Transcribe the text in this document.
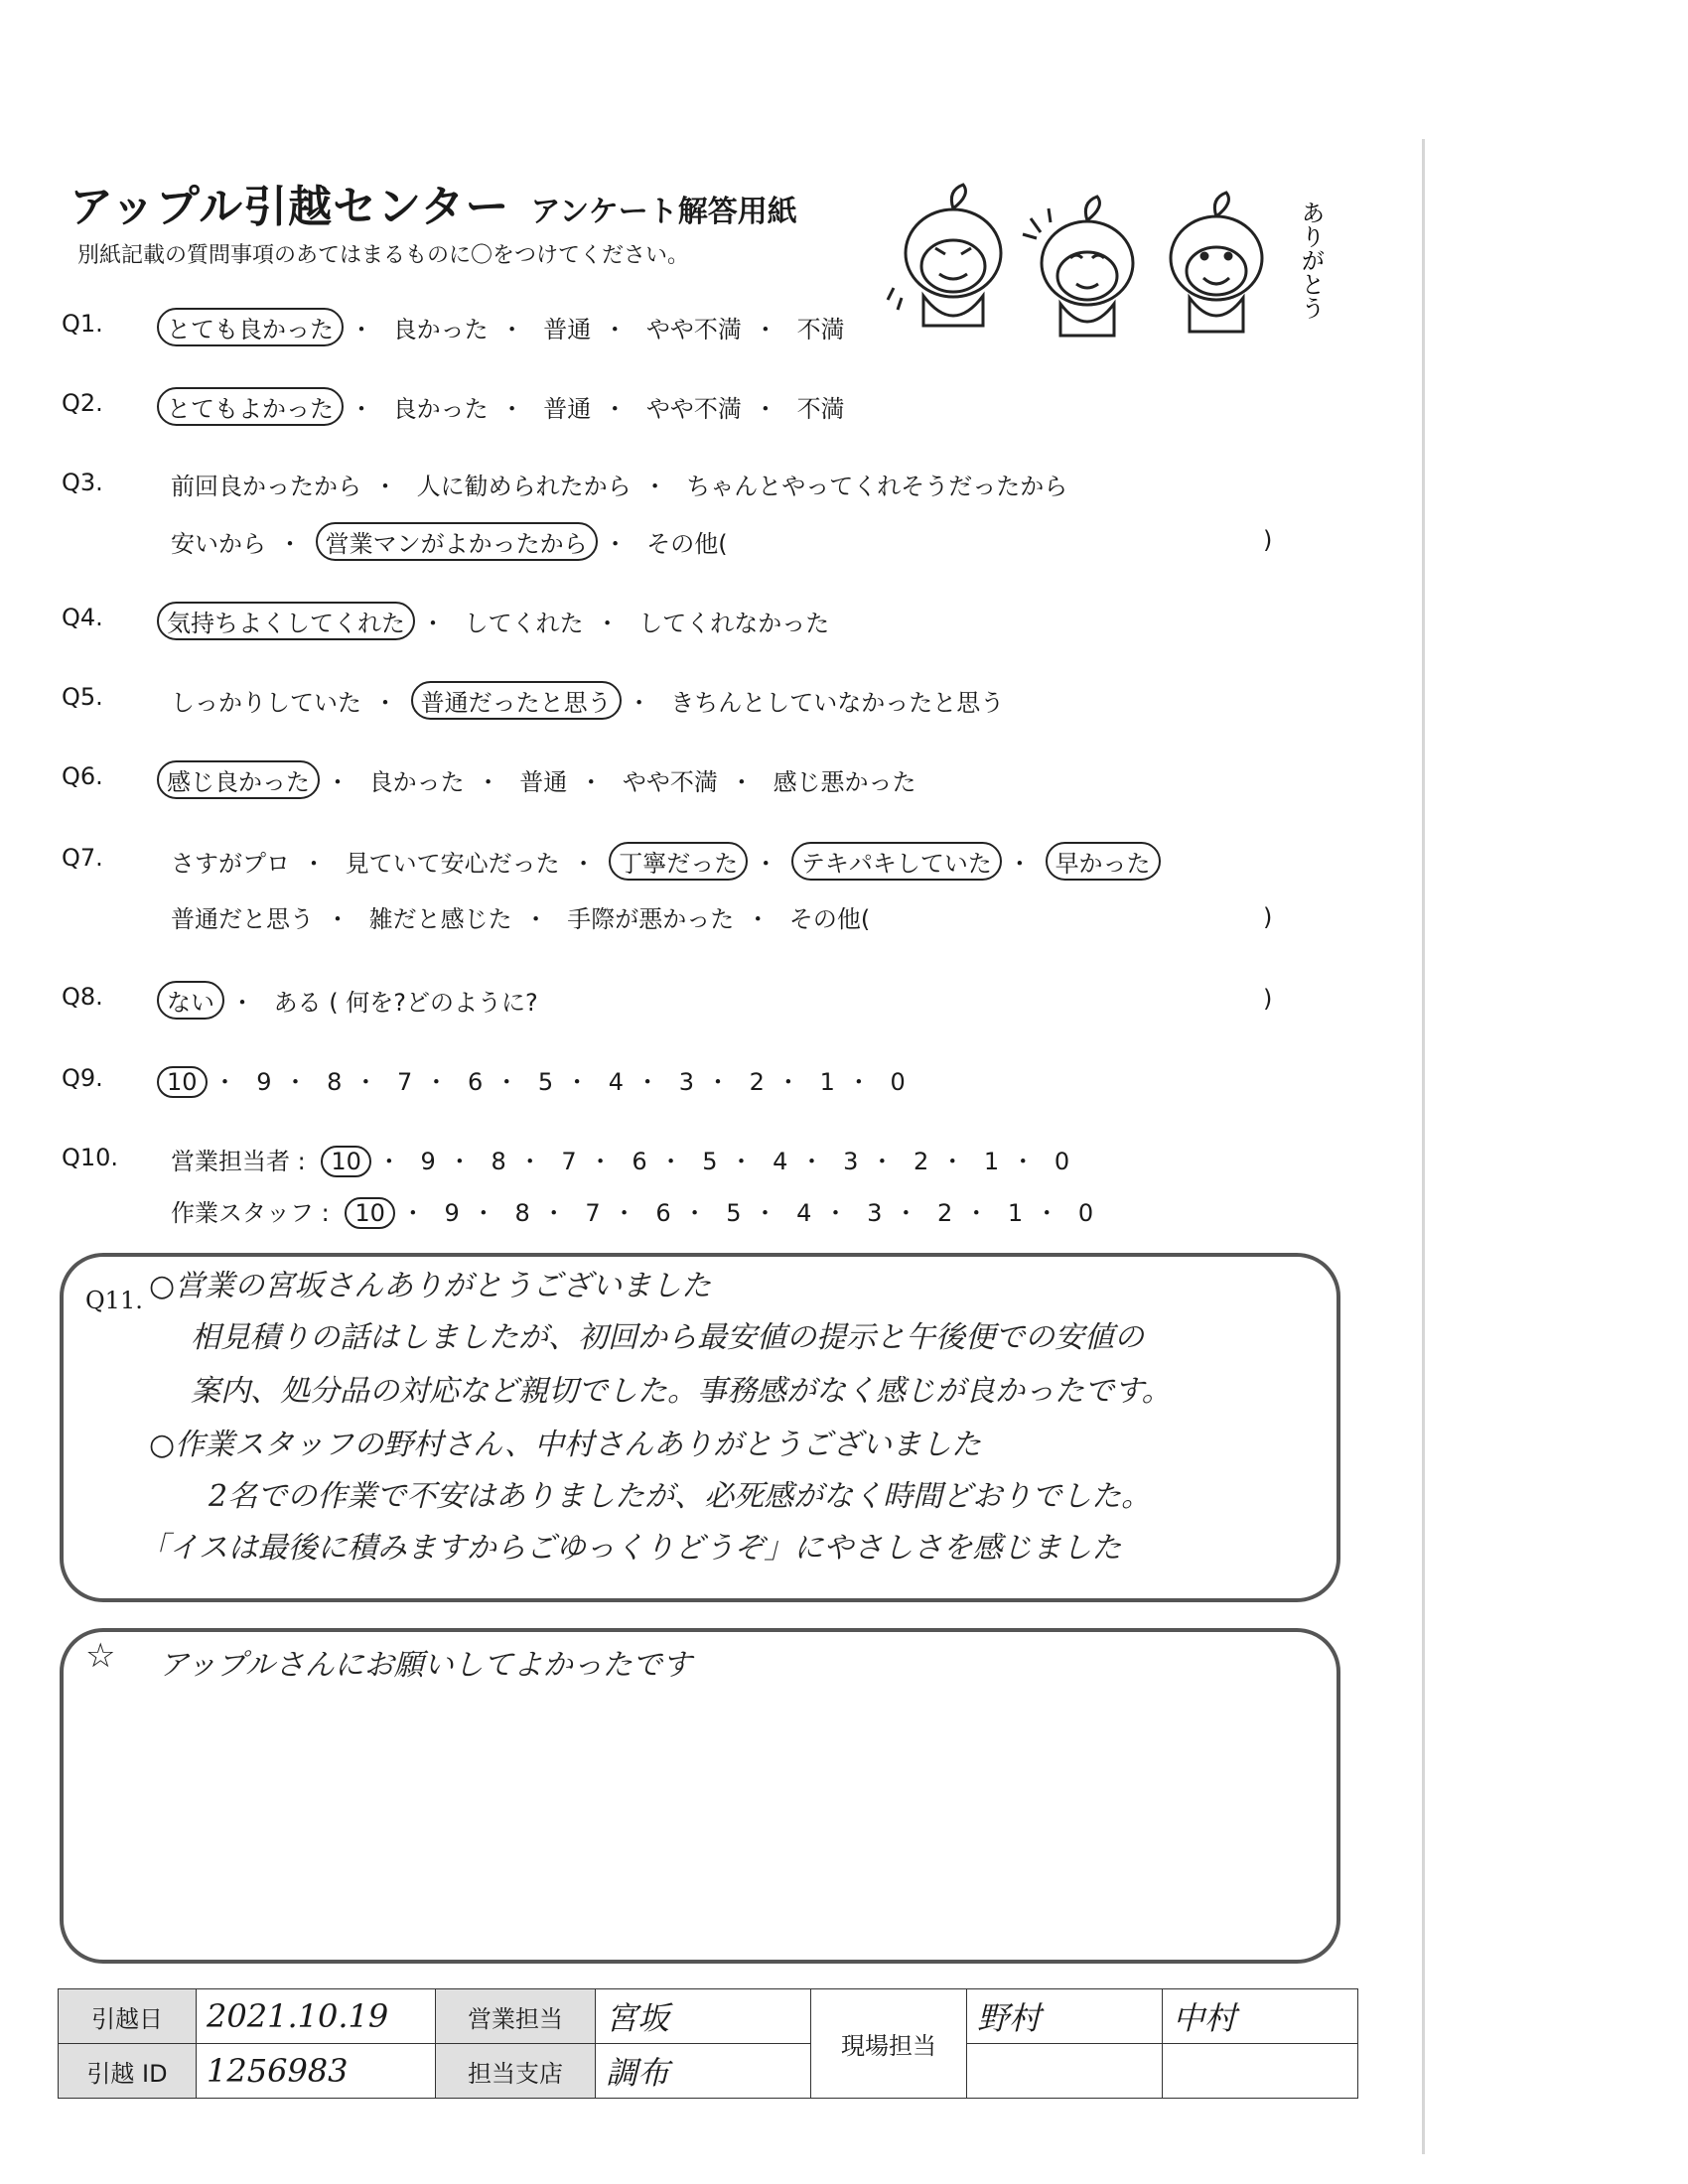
アップル引越センター アンケート解答用紙
別紙記載の質問事項のあてはまるものに〇をつけてください。	ありがとう
Q1.	とても良かった ・ 良かった ・ 普通 ・ やや不満 ・ 不満
Q2.	とてもよかった ・ 良かった ・ 普通 ・ やや不満 ・ 不満
Q3.	前回良かったから ・ 人に勧められたから ・ ちゃんとやってくれそうだったから
安いから ・ 営業マンがよかったから ・ その他(	)
Q4.	気持ちよくしてくれた ・ してくれた ・ してくれなかった
Q5.	しっかりしていた ・ 普通だったと思う ・ きちんとしていなかったと思う
Q6.	感じ良かった ・ 良かった ・ 普通 ・ やや不満 ・ 感じ悪かった
Q7.	さすがプロ ・ 見ていて安心だった ・ 丁寧だった ・ テキパキしていた ・ 早かった
普通だと思う ・ 雑だと感じた ・ 手際が悪かった ・ その他(	)
Q8.	ない ・ ある ( 何を?どのように?	)
Q9.	10 ・ 9 ・ 8 ・ 7 ・ 6 ・ 5 ・ 4 ・ 3 ・ 2 ・ 1 ・ 0
Q10. 営業担当者 : 10 ・ 9 ・ 8 ・ 7 ・ 6 ・ 5 ・ 4 ・ 3 ・ 2 ・ 1 ・ 0
作業スタッフ : 10 ・ 9 ・ 8 ・ 7 ・ 6 ・ 5 ・ 4 ・ 3 ・ 2 ・ 1 ・ 0
Q11. ○営業の宮坂さんありがとうございました
相見積りの話はしましたが、初回から最安値の提示と午後便での安値の
案内、処分品の対応など親切でした。事務感がなく感じが良かったです。
○作業スタッフの野村さん、中村さんありがとうございました
2名での作業で不安はありましたが、必死感がなく時間どおりでした。
「イスは最後に積みますからごゆっくりどうぞ」にやさしさを感じました
☆ アップルさんにお願いしてよかったです
引越日	2021.10.19	営業担当	宮坂	現場担当	野村	中村
引越 ID	1256983	担当支店	調布			
